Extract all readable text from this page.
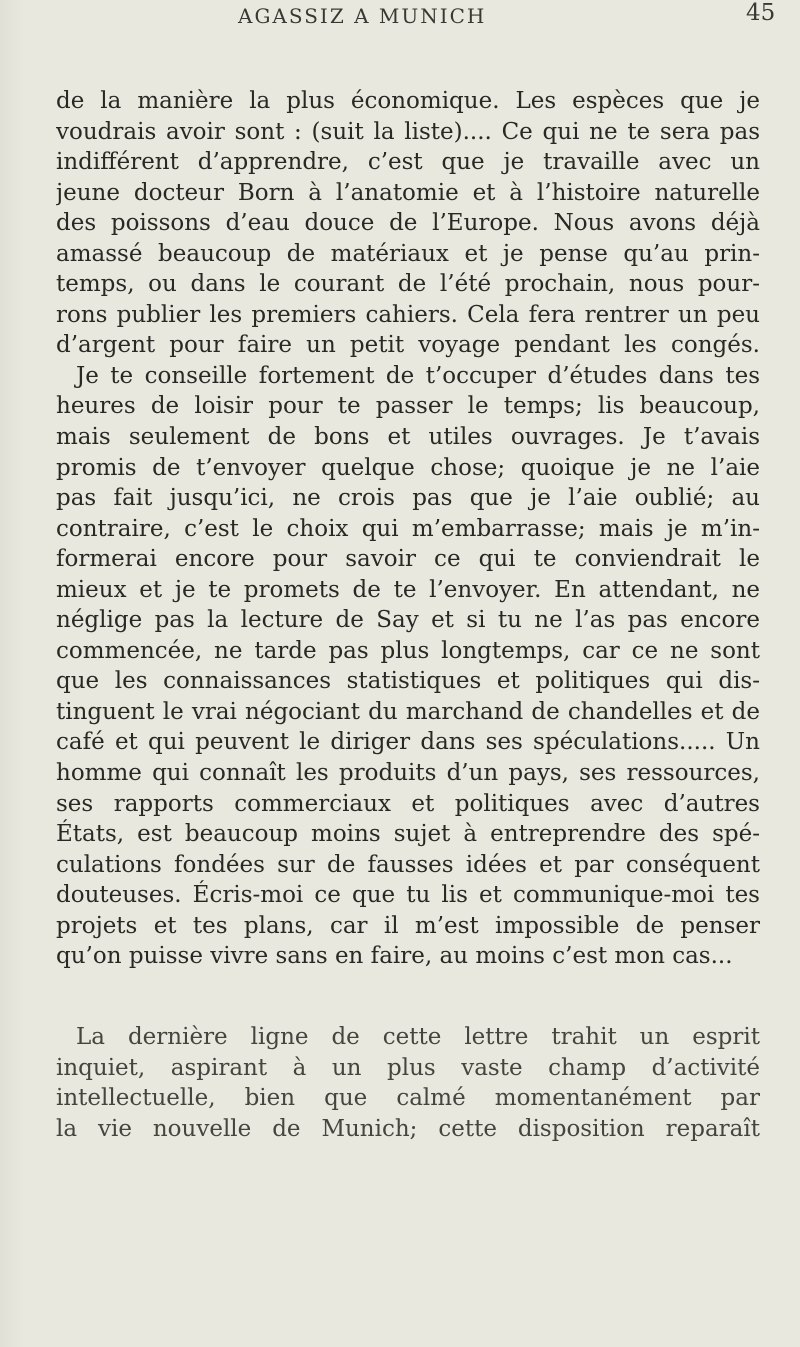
AGASSIZ A MUNICH	45
de la manière la plus économique. Les espèces que je
voudrais avoir sont : (suit la liste).... Ce qui ne te sera pas
indifférent d’apprendre, c’est que je travaille avec un
jeune docteur Born à l’anatomie et à l’histoire naturelle
des poissons d’eau douce de l’Europe. Nous avons déjà
amassé beaucoup de matériaux et je pense qu’au prin-
temps, ou dans le courant de l’été prochain, nous pour-
rons publier les premiers cahiers. Cela fera rentrer un peu
d’argent pour faire un petit voyage pendant les congés.
Je te conseille fortement de t’occuper d’études dans tes
heures de loisir pour te passer le temps; lis beaucoup,
mais seulement de bons et utiles ouvrages. Je t’avais
promis de t’envoyer quelque chose; quoique je ne l’aie
pas fait jusqu’ici, ne crois pas que je l’aie oublié; au
contraire, c’est le choix qui m’embarrasse; mais je m’in-
formerai encore pour savoir ce qui te conviendrait le
mieux et je te promets de te l’envoyer. En attendant, ne
néglige pas la lecture de Say et si tu ne l’as pas encore
commencée, ne tarde pas plus longtemps, car ce ne sont
que les connaissances statistiques et politiques qui dis-
tinguent le vrai négociant du marchand de chandelles et de
café et qui peuvent le diriger dans ses spéculations..... Un
homme qui connaît les produits d’un pays, ses ressources,
ses rapports commerciaux et politiques avec d’autres
États, est beaucoup moins sujet à entreprendre des spé-
culations fondées sur de fausses idées et par conséquent
douteuses. Écris-moi ce que tu lis et communique-moi tes
projets et tes plans, car il m’est impossible de penser
qu’on puisse vivre sans en faire, au moins c’est mon cas...
La dernière ligne de cette lettre trahit un esprit
inquiet, aspirant à un plus vaste champ d’activité
intellectuelle, bien que calmé momentanément par
la vie nouvelle de Munich; cette disposition reparaît
